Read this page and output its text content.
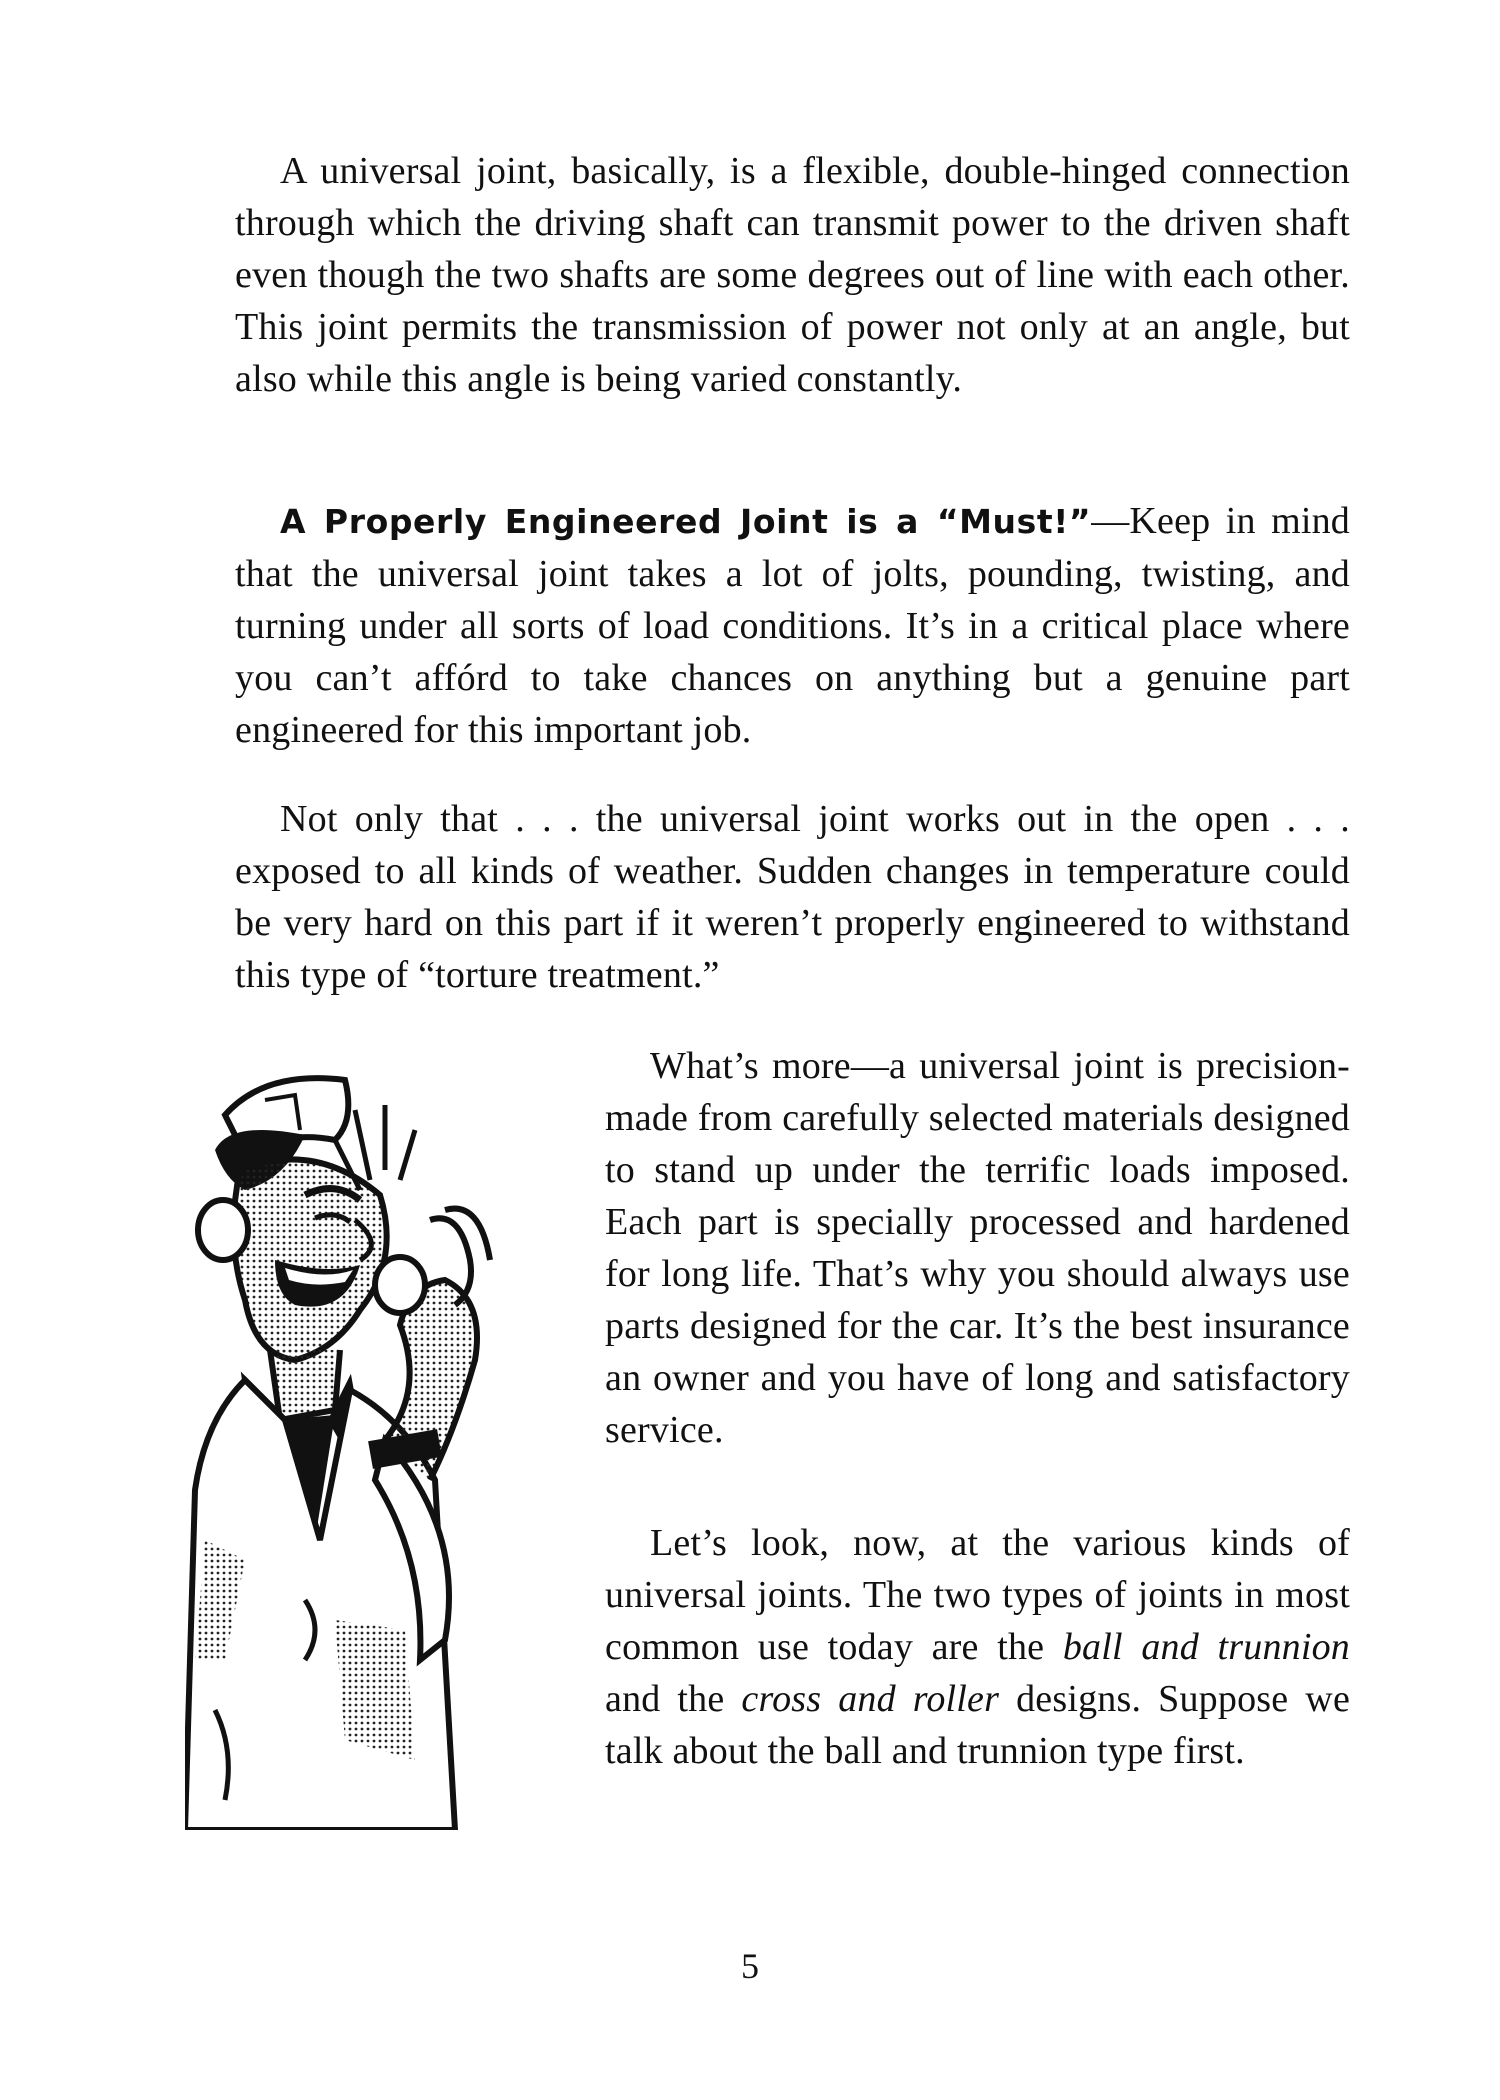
A universal joint, basically, is a flexible, double-hinged connection through which the driving shaft can transmit power to the driven shaft even though the two shafts are some degrees out of line with each other. This joint permits the transmission of power not only at an angle, but also while this angle is being varied constantly.

A Properly Engineered Joint is a “Must!”—Keep in mind that the universal joint takes a lot of jolts, pounding, twisting, and turning under all sorts of load conditions. It’s in a critical place where you can’t affórd to take chances on anything but a genuine part engineered for this important job.

Not only that . . . the universal joint works out in the open . . . exposed to all kinds of weather. Sudden changes in temperature could be very hard on this part if it weren’t properly engineered to withstand this type of “torture treatment.”

What’s more—a universal joint is precision-made from carefully selected materials designed to stand up under the terrific loads imposed. Each part is specially processed and hardened for long life. That’s why you should always use parts designed for the car. It’s the best insurance an owner and you have of long and satisfactory service.

Let’s look, now, at the various kinds of universal joints. The two types of joints in most common use today are the ball and trunnion and the cross and roller designs. Suppose we talk about the ball and trunnion type first.

5
